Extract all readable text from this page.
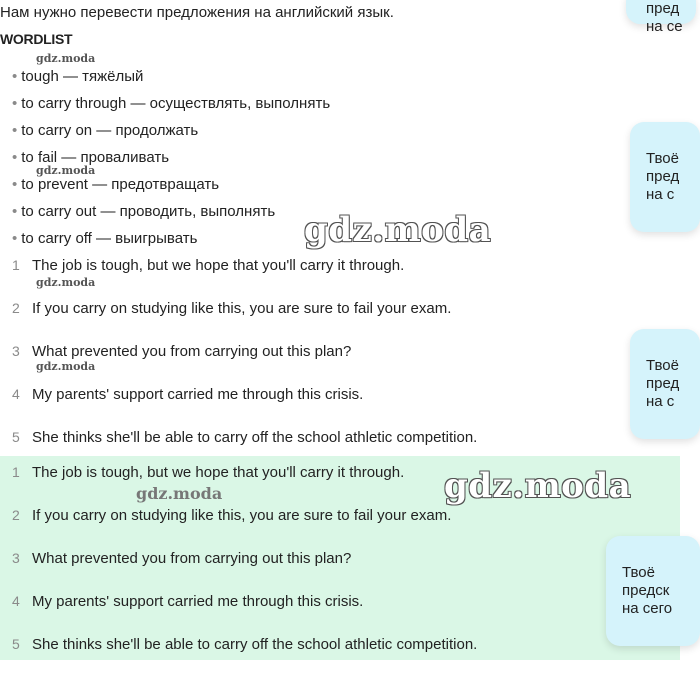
Нам нужно перевести предложения на английский язык.
WORDLIST
• tough — тяжёлый
• to carry through — осуществлять, выполнять
• to carry on — продолжать
• to fail — проваливать
• to prevent — предотвращать
• to carry out — проводить, выполнять
• to carry off — выигрывать
1 The job is tough, but we hope that you'll carry it through.
2 If you carry on studying like this, you are sure to fail your exam.
3 What prevented you from carrying out this plan?
4 My parents' support carried me through this crisis.
5 She thinks she'll be able to carry off the school athletic competition.
1 The job is tough, but we hope that you'll carry it through.
2 If you carry on studying like this, you are sure to fail your exam.
3 What prevented you from carrying out this plan?
4 My parents' support carried me through this crisis.
5 She thinks she'll be able to carry off the school athletic competition.
пред
на се
Твоё
пред
на с
Твоё
пред
на с
Твоё
предск
на сего
gdz.moda
gdz.moda
gdz.moda
gdz.moda
gdz.moda
gdz.moda
gdz.moda
